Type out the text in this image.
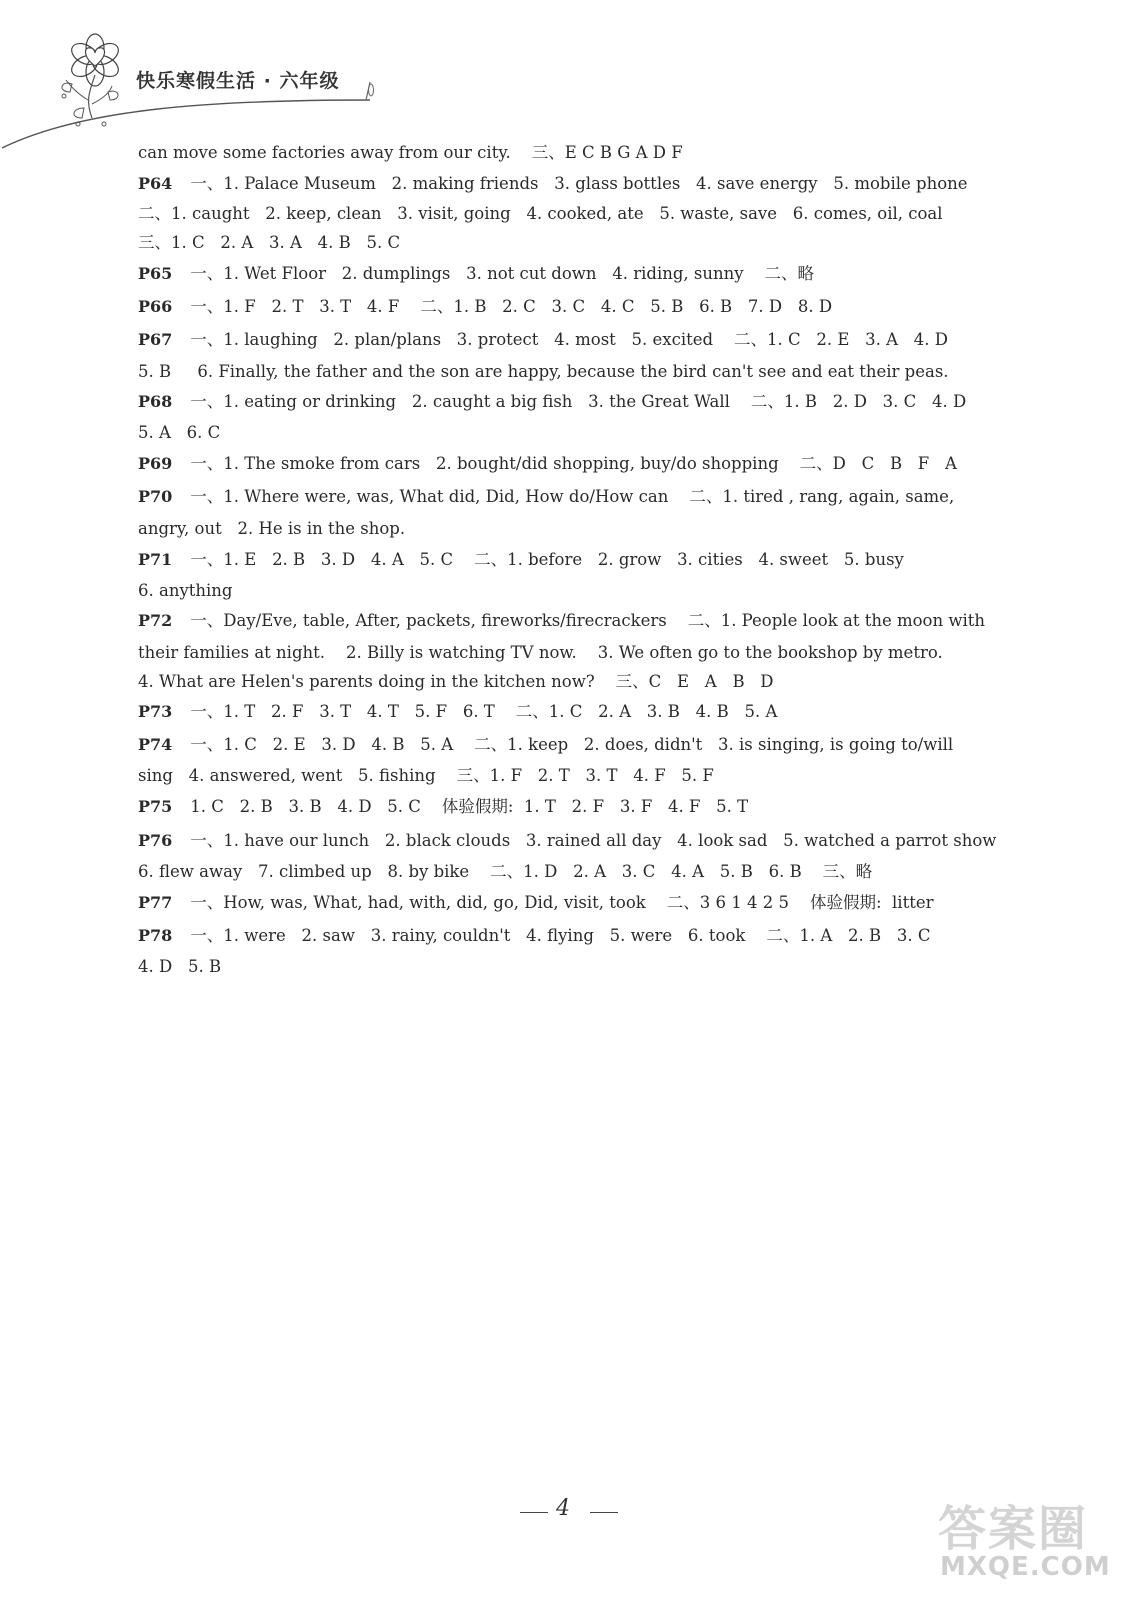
快乐寒假生活 · 六年级
can move some factories away from our city.    三、E C B G A D F
P64 一、1. Palace Museum   2. making friends   3. glass bottles   4. save energy   5. mobile phone
二、1. caught   2. keep, clean   3. visit, going   4. cooked, ate   5. waste, save   6. comes, oil, coal
三、1. C   2. A   3. A   4. B   5. C
P65 一、1. Wet Floor   2. dumplings   3. not cut down   4. riding, sunny    二、略
P66 一、1. F   2. T   3. T   4. F    二、1. B   2. C   3. C   4. C   5. B   6. B   7. D   8. D
P67 一、1. laughing   2. plan/plans   3. protect   4. most   5. excited    二、1. C   2. E   3. A   4. D
5. B     6. Finally, the father and the son are happy, because the bird can't see and eat their peas.
P68 一、1. eating or drinking   2. caught a big fish   3. the Great Wall    二、1. B   2. D   3. C   4. D
5. A   6. C
P69 一、1. The smoke from cars   2. bought/did shopping, buy/do shopping    二、D   C   B   F   A
P70 一、1. Where were, was, What did, Did, How do/How can    二、1. tired , rang, again, same,
angry, out   2. He is in the shop.
P71 一、1. E   2. B   3. D   4. A   5. C    二、1. before   2. grow   3. cities   4. sweet   5. busy
6. anything
P72 一、Day/Eve, table, After, packets, fireworks/firecrackers    二、1. People look at the moon with
their families at night.    2. Billy is watching TV now.    3. We often go to the bookshop by metro.
4. What are Helen's parents doing in the kitchen now?    三、C   E   A   B   D
P73 一、1. T   2. F   3. T   4. T   5. F   6. T    二、1. C   2. A   3. B   4. B   5. A
P74 一、1. C   2. E   3. D   4. B   5. A    二、1. keep   2. does, didn't   3. is singing, is going to/will
sing   4. answered, went   5. fishing    三、1. F   2. T   3. T   4. F   5. F
P75 1. C   2. B   3. B   4. D   5. C    体验假期:  1. T   2. F   3. F   4. F   5. T
P76 一、1. have our lunch   2. black clouds   3. rained all day   4. look sad   5. watched a parrot show
6. flew away   7. climbed up   8. by bike    二、1. D   2. A   3. C   4. A   5. B   6. B    三、略
P77 一、How, was, What, had, with, did, go, Did, visit, took    二、3 6 1 4 2 5    体验假期:  litter
P78 一、1. were   2. saw   3. rainy, couldn't   4. flying   5. were   6. took    二、1. A   2. B   3. C
4. D   5. B
4	答案圈
MXQE.COM
